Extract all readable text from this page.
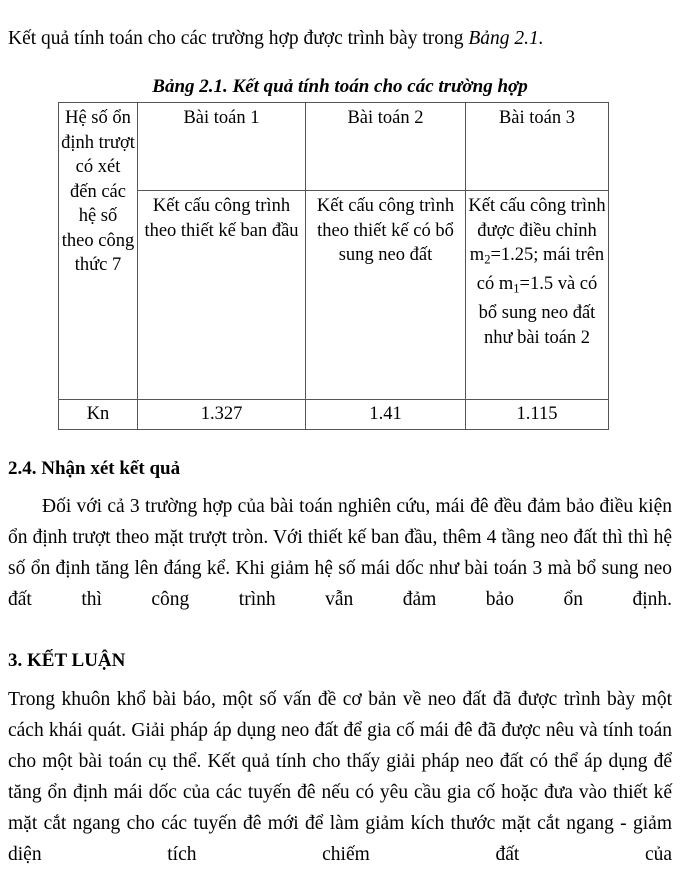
Kết quả tính toán cho các trường hợp được trình bày trong Bảng 2.1.

Bảng 2.1. Kết quả tính toán cho các trường hợp

Hệ số ổn định trượt có xét đến các hệ số theo công thức 7	Bài toán 1	Bài toán 2	Bài toán 3
	Kết cấu công trình theo thiết kế ban đầu	Kết cấu công trình theo thiết kế có bổ sung neo đất	Kết cấu công trình được điều chỉnh $m_2=1.25$; mái trên có $m_1=1.5$ và có bổ sung neo đất như bài toán 2
Kn	1.327	1.41	1.115
2.4. Nhận xét kết quả

Đối với cả 3 trường hợp của bài toán nghiên cứu, mái đê đều đảm bảo điều kiện ổn định trượt theo mặt trượt tròn. Với thiết kế ban đầu, thêm 4 tầng neo đất thì thì hệ số ổn định tăng lên đáng kể. Khi giảm hệ số mái dốc như bài toán 3 mà bổ sung neo đất thì công trình vẫn đảm bảo ổn định.

3. KẾT LUẬN

Trong khuôn khổ bài báo, một số vấn đề cơ bản về neo đất đã được trình bày một cách khái quát. Giải pháp áp dụng neo đất để gia cố mái đê đã được nêu và tính toán cho một bài toán cụ thể. Kết quả tính cho thấy giải pháp neo đất có thể áp dụng để tăng ổn định mái dốc của các tuyến đê nếu có yêu cầu gia cố hoặc đưa vào thiết kế mặt cắt ngang cho các tuyến đê mới để làm giảm kích thước mặt cắt ngang - giảm diện tích chiếm đất của
